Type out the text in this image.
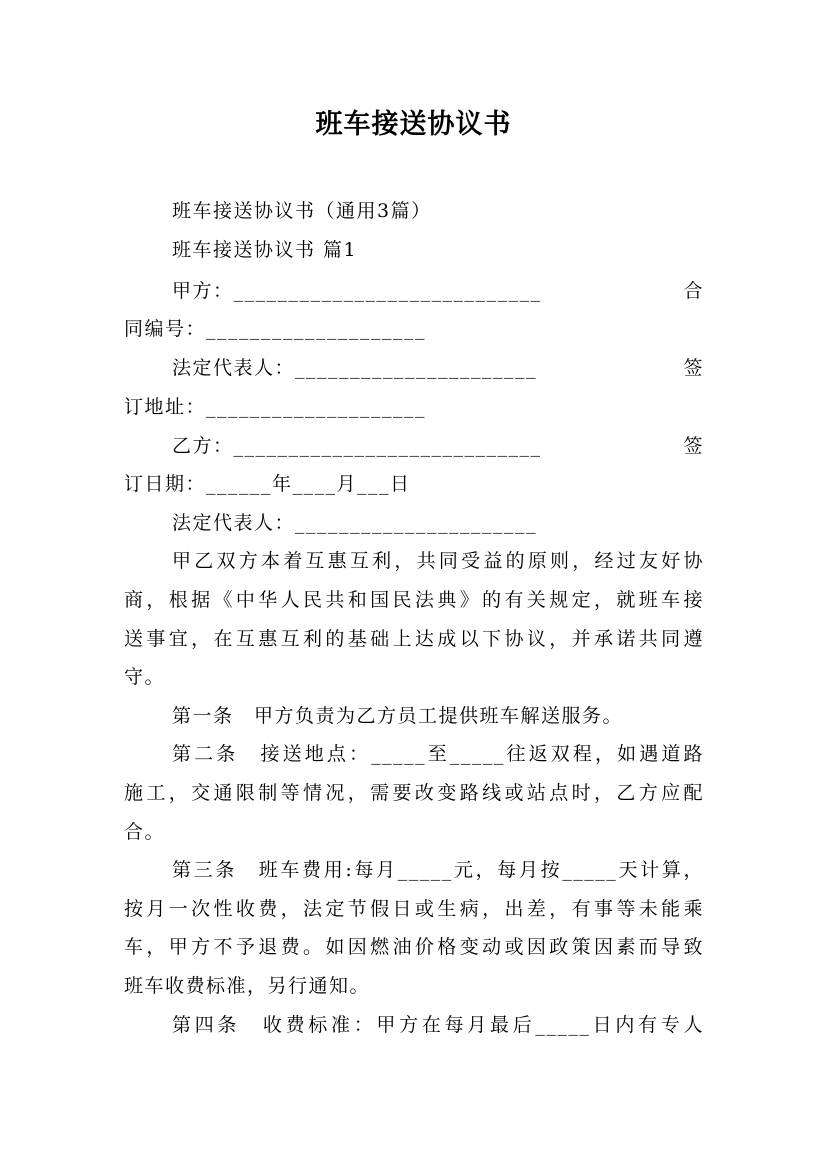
班车接送协议书
班车接送协议书（通用3篇）
班车接送协议书 篇1
甲方：____________________________	合
同编号：____________________
法定代表人：______________________	签
订地址：____________________
乙方：____________________________	签
订日期：______年____月___日
法定代表人：______________________
甲乙双方本着互惠互利，共同受益的原则，经过友好协
商，根据《中华人民共和国民法典》的有关规定，就班车接
送事宜，在互惠互利的基础上达成以下协议，并承诺共同遵
守。
第一条　甲方负责为乙方员工提供班车解送服务。
第二条　接送地点：_____至_____往返双程，如遇道路
施工，交通限制等情况，需要改变路线或站点时，乙方应配
合。
第三条　班车费用:每月_____元，每月按_____天计算，
按月一次性收费，法定节假日或生病，出差，有事等未能乘
车，甲方不予退费。如因燃油价格变动或因政策因素而导致
班车收费标准，另行通知。
第四条　收费标准：甲方在每月最后_____日内有专人
